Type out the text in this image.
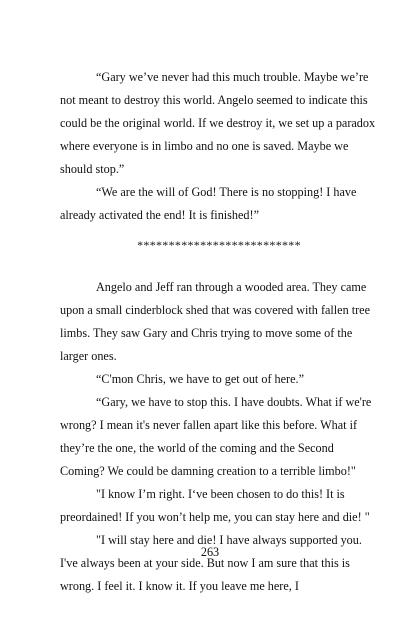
“Gary we’ve never had this much trouble. Maybe we’re not meant to destroy this world. Angelo seemed to indicate this could be the original world. If we destroy it, we set up a paradox where everyone is in limbo and no one is saved. Maybe we should stop.”

“We are the will of God! There is no stopping! I have already activated the end! It is finished!”

**************************

Angelo and Jeff ran through a wooded area. They came upon a small cinderblock shed that was covered with fallen tree limbs. They saw Gary and Chris trying to move some of the larger ones.

“C'mon Chris, we have to get out of here.”

“Gary, we have to stop this. I have doubts. What if we're wrong? I mean it's never fallen apart like this before. What if they’re the one, the world of the coming and the Second Coming? We could be damning creation to a terrible limbo!"

"I know I’m right. I‘ve been chosen to do this! It is preordained! If you won’t help me, you can stay here and die! "

"I will stay here and die! I have always supported you. I've always been at your side. But now I am sure that this is wrong. I feel it. I know it. If you leave me here, I

263
